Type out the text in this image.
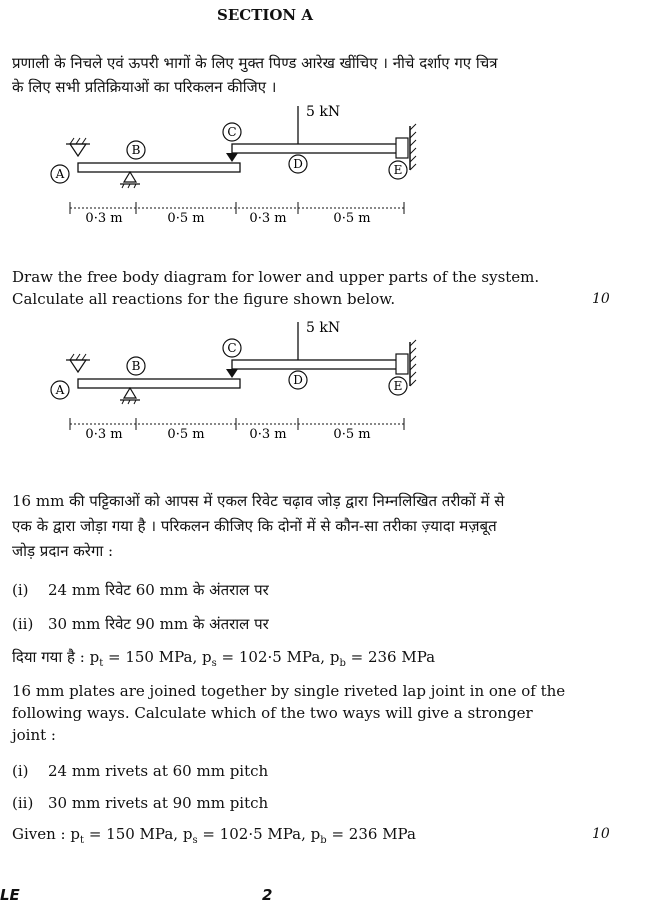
SECTION A
प्रणाली के निचले एवं ऊपरी भागों के लिए मुक्त पिण्ड आरेख खींचिए । नीचे दर्शाए गए चित्र
के लिए सभी प्रतिक्रियाओं का परिकलन कीजिए ।
5 kN
A
B
C
D	E
0·3 m	0·5 m	0·3 m	0·5 m
Draw the free body diagram for lower and upper parts of the system.
Calculate all reactions for the figure shown below.	10
5 kN
A
B
C
D	E
0·3 m	0·5 m	0·3 m	0·5 m
16 mm की पट्टिकाओं को आपस में एकल रिवेट चढ़ाव जोड़ द्वारा निम्नलिखित तरीकों में से
एक के द्वारा जोड़ा गया है । परिकलन कीजिए कि दोनों में से कौन-सा तरीका ज़्यादा मज़बूत
जोड़ प्रदान करेगा :
(i) 24 mm रिवेट 60 mm के अंतराल पर
(ii) 30 mm रिवेट 90 mm के अंतराल पर
दिया गया है : $p_t = 150$ MPa, $p_s = 102\cdot 5$ MPa, $p_b = 236$ MPa
16 mm plates are joined together by single riveted lap joint in one of the
following ways. Calculate which of the two ways will give a stronger
joint :
(i) 24 mm rivets at 60 mm pitch
(ii) 30 mm rivets at 90 mm pitch
Given : $p_t = 150$ MPa, $p_s = 102\cdot 5$ MPa, $p_b = 236$ MPa	10
LE	2
